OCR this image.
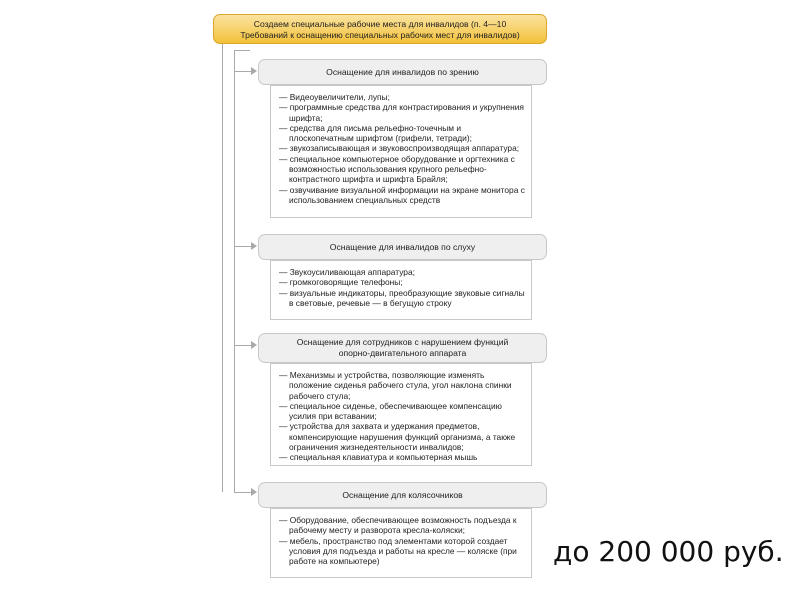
Создаем специальные рабочие места для инвалидов (п. 4—10
Требований к оснащению специальных рабочих мест для инвалидов)
Оснащение для инвалидов по зрению
— Видеоувеличители, лупы;
— программные средства для контрастирования и укрупнения шрифта;
— средства для письма рельефно-точечным и плоскопечатным шрифтом (грифели, тетради);
— звукозаписывающая и звуковоспроизводящая аппаратура;
— специальное компьютерное оборудование и оргтехника с возможностью использования крупного рельефно-контрастного шрифта и шрифта Брайля;
— озвучивание визуальной информации на экране монитора с использованием специальных средств
Оснащение для инвалидов по слуху
— Звукоусиливающая аппаратура;
— громкоговорящие телефоны;
— визуальные индикаторы, преобразующие звуковые сигналы в световые, речевые — в бегущую строку
Оснащение для сотрудников с нарушением функций
опорно-двигательного аппарата
— Механизмы и устройства, позволяющие изменять положение сиденья рабочего стула, угол наклона спинки рабочего стула;
— специальное сиденье, обеспечивающее компенсацию усилия при вставании;
— устройства для захвата и удержания предметов, компенсирующие нарушения функций организма, а также ограничения жизнедеятельности инвалидов;
— специальная клавиатура и компьютерная мышь
Оснащение для колясочников
— Оборудование, обеспечивающее возможность подъезда к рабочему месту и разворота кресла-коляски;
— мебель, пространство под элементами которой создает условия для подъезда и работы на кресле — коляске (при работе на компьютере)	до 200 000 руб.
